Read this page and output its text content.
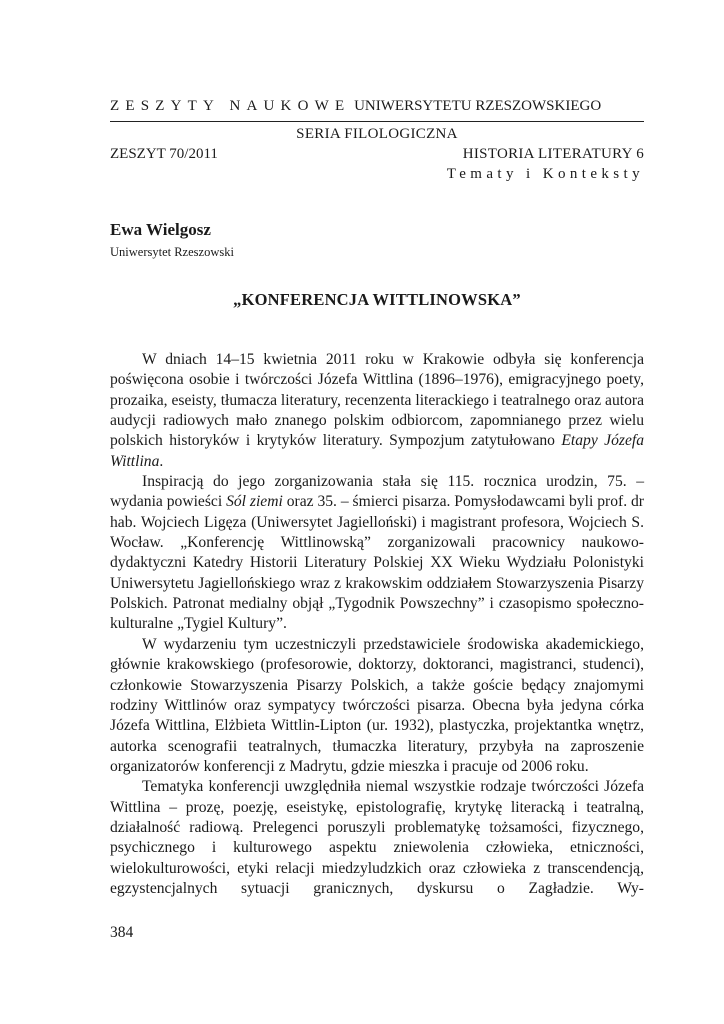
ZESZYTY NAUKOWE UNIWERSYTETU RZESZOWSKIEGO
SERIA FILOLOGICZNA
ZESZYT 70/2011	HISTORIA LITERATURY 6
Tematy i Konteksty
Ewa Wielgosz
Uniwersytet Rzeszowski
„KONFERENCJA WITTLINOWSKA”

W dniach 14–15 kwietnia 2011 roku w Krakowie odbyła się konferencja poświęcona osobie i twórczości Józefa Wittlina (1896–1976), emigracyjnego poety, prozaika, eseisty, tłumacza literatury, recenzenta literackiego i teatralnego oraz autora audycji radiowych mało znanego polskim odbiorcom, zapomnianego przez wielu polskich historyków i krytyków literatury. Sympozjum zatytułowano Etapy Józefa Wittlina.

Inspiracją do jego zorganizowania stała się 115. rocznica urodzin, 75. – wydania powieści Sól ziemi oraz 35. – śmierci pisarza. Pomysłodawcami byli prof. dr hab. Wojciech Ligęza (Uniwersytet Jagielloński) i magistrant profesora, Wojciech S. Wocław. „Konferencję Wittlinowską” zorganizowali pracownicy naukowo-dydaktyczni Katedry Historii Literatury Polskiej XX Wieku Wydziału Polonistyki Uniwersytetu Jagiellońskiego wraz z krakowskim oddziałem Stowarzyszenia Pisarzy Polskich. Patronat medialny objął „Tygodnik Powszechny” i czasopismo społeczno-kulturalne „Tygiel Kultury”.

W wydarzeniu tym uczestniczyli przedstawiciele środowiska akademickiego, głównie krakowskiego (profesorowie, doktorzy, doktoranci, magistranci, studenci), członkowie Stowarzyszenia Pisarzy Polskich, a także goście będący znajomymi rodziny Wittlinów oraz sympatycy twórczości pisarza. Obecna była jedyna córka Józefa Wittlina, Elżbieta Wittlin-Lipton (ur. 1932), plastyczka, projektantka wnętrz, autorka scenografii teatralnych, tłumaczka literatury, przybyła na zaproszenie organizatorów konferencji z Madrytu, gdzie mieszka i pracuje od 2006 roku.

Tematyka konferencji uwzględniła niemal wszystkie rodzaje twórczości Józefa Wittlina – prozę, poezję, eseistykę, epistolografię, krytykę literacką i teatralną, działalność radiową. Prelegenci poruszyli problematykę tożsamości, fizycznego, psychicznego i kulturowego aspektu zniewolenia człowieka, etniczności, wielokulturowości, etyki relacji miedzyludzkich oraz człowieka z transcendencją, egzystencjalnych sytuacji granicznych, dyskursu o Zagładzie. Wy-

384
